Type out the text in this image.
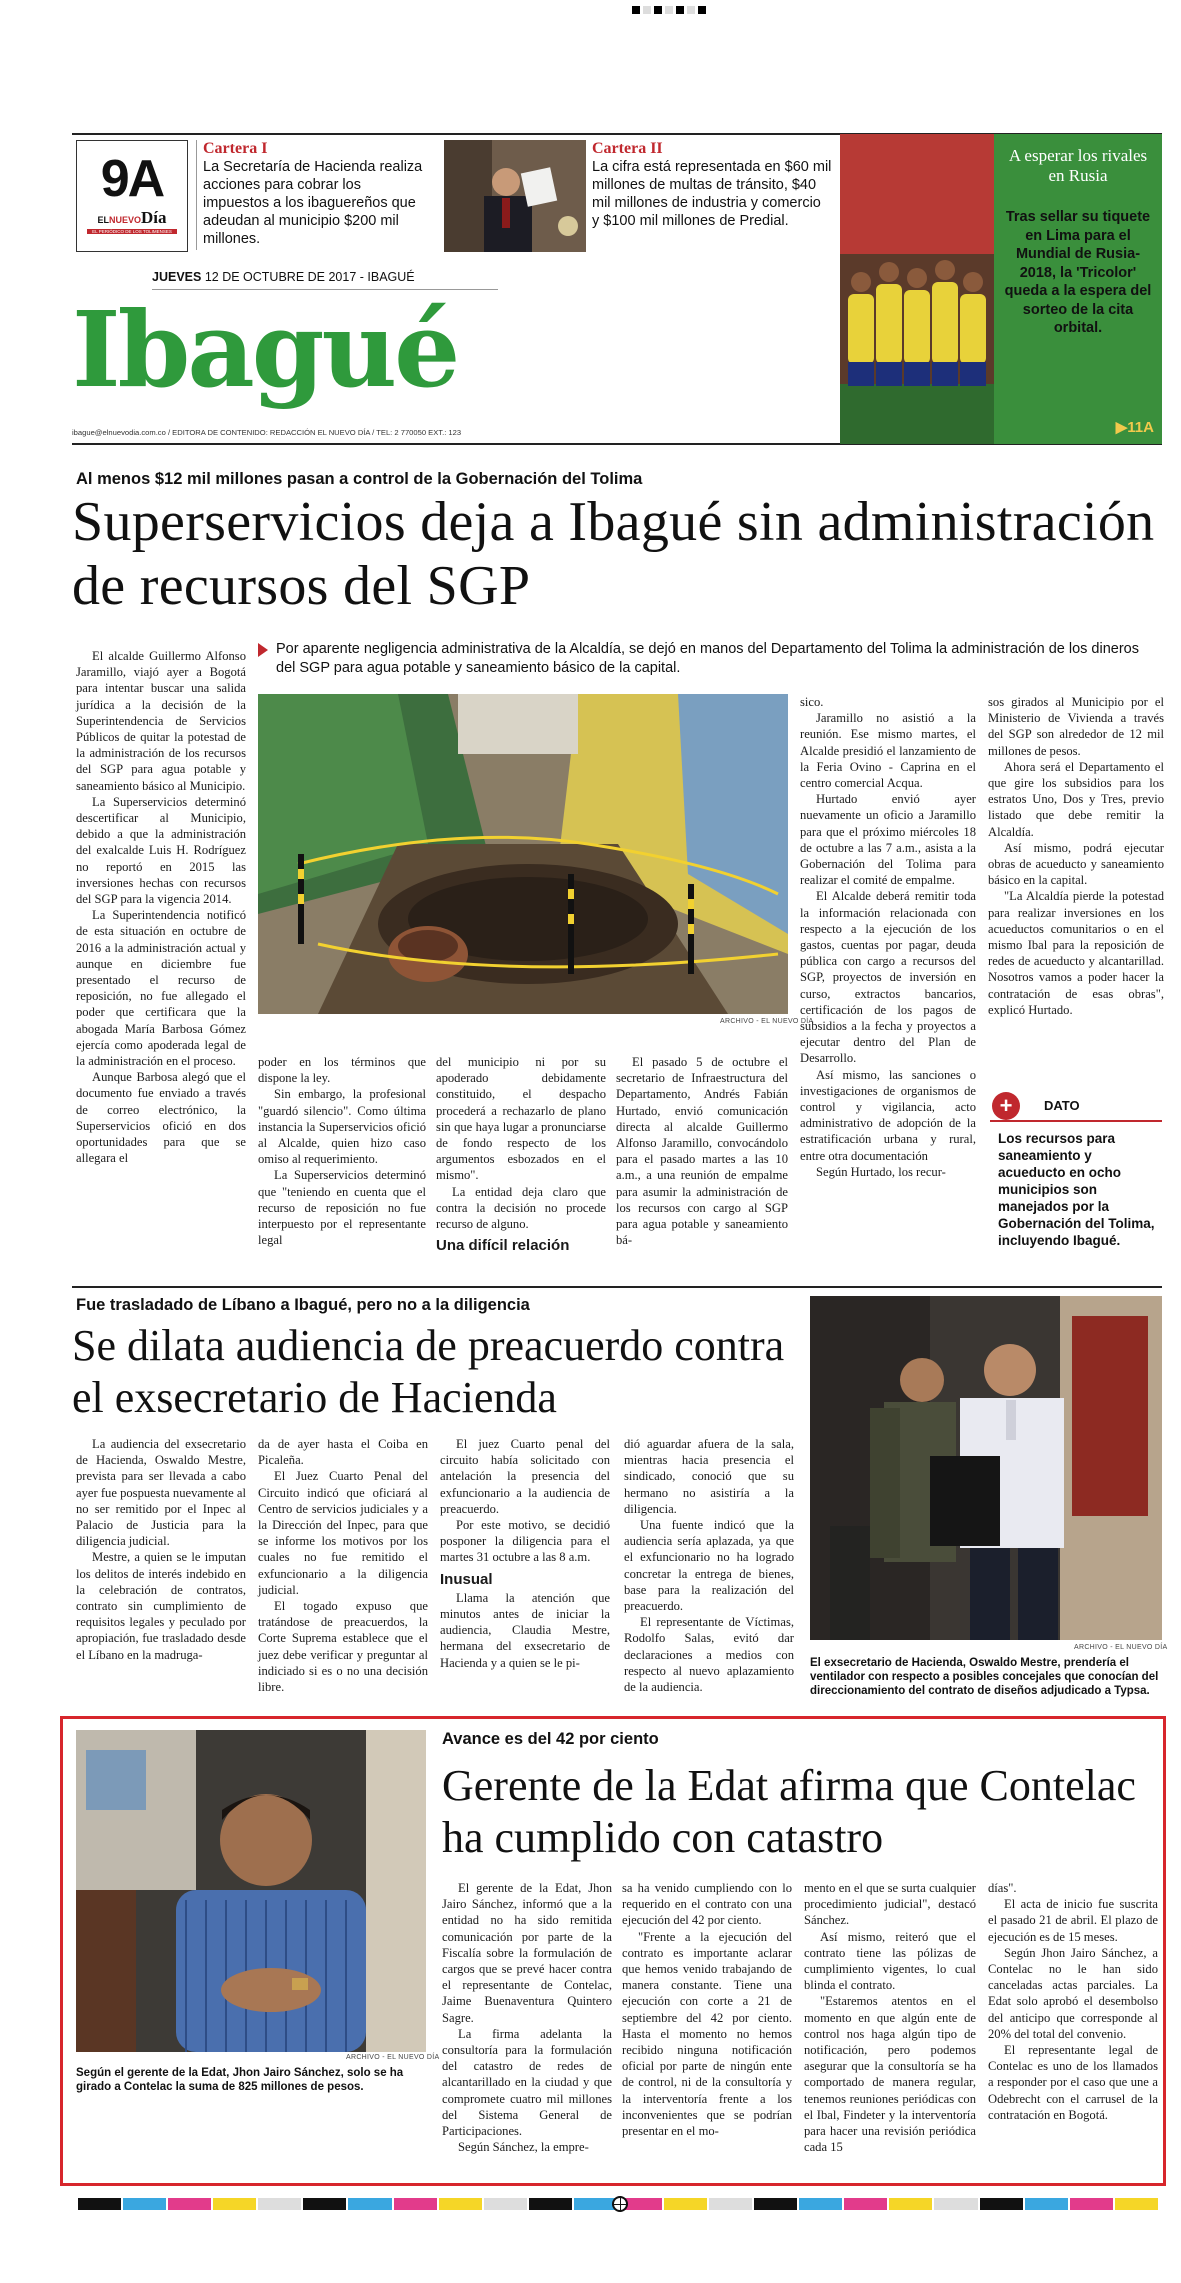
9A
ELNUEVODía
EL PERIÓDICO DE LOS TOLIMENSES
Cartera I
La Secretaría de Hacienda realiza acciones para cobrar los impuestos a los ibaguereños que adeudan al municipio $200 mil millones.
Cartera II
La cifra está representada en $60 mil millones de multas de tránsito, $40 mil millones de industria y comercio y $100 mil millones de Predial.
JUEVES 12 DE OCTUBRE DE 2017 - IBAGUÉ
Ibagué
ibague@elnuevodia.com.co / EDITORA DE CONTENIDO: REDACCIÓN EL NUEVO DÍA / TEL: 2 770050 EXT.: 123
A esperar los rivales en Rusia
Tras sellar su tiquete en Lima para el Mundial de Rusia-2018, la 'Tricolor' queda a la espera del sorteo de la cita orbital.
▶11A
Al menos $12 mil millones pasan a control de la Gobernación del Tolima
Superservicios deja a Ibagué sin administración de recursos del SGP

El alcalde Guillermo Alfonso Jaramillo, viajó ayer a Bogotá para intentar buscar una salida jurídica a la decisión de la Superintendencia de Servicios Públicos de quitar la potestad de la administración de los recursos del SGP para agua potable y saneamiento básico al Municipio.

La Superservicios determinó descertificar al Municipio, debido a que la administración del exalcalde Luis H. Rodríguez no reportó en 2015 las inversiones hechas con recursos del SGP para la vigencia 2014.

La Superintendencia notificó de esta situación en octubre de 2016 a la administración actual y aunque en diciembre fue presentado el recurso de reposición, no fue allegado el poder que certificara que la abogada María Barbosa Gómez ejercía como apoderada legal de la administración en el proceso.

Aunque Barbosa alegó que el documento fue enviado a través de correo electrónico, la Superservicios ofició en dos oportunidades para que se allegara el

Por aparente negligencia administrativa de la Alcaldía, se dejó en manos del Departamento del Tolima la administración de los dineros del SGP para agua potable y saneamiento básico de la capital.
ARCHIVO - EL NUEVO DÍA

poder en los términos que dispone la ley.

Sin embargo, la profesional "guardó silencio". Como última instancia la Superservicios ofició al Alcalde, quien hizo caso omiso al requerimiento.

La Superservicios determinó que "teniendo en cuenta que el recurso de reposición no fue interpuesto por el representante legal

del municipio ni por su apoderado debidamente constituido, el despacho procederá a rechazarlo de plano sin que haya lugar a pronunciarse de fondo respecto de los argumentos esbozados en el mismo".

La entidad deja claro que contra la decisión no procede recurso de alguno.

Una difícil relación

El pasado 5 de octubre el secretario de Infraestructura del Departamento, Andrés Fabián Hurtado, envió comunicación directa al alcalde Guillermo Alfonso Jaramillo, convocándolo para el pasado martes a las 10 a.m., a una reunión de empalme para asumir la administración de los recursos con cargo al SGP para agua potable y saneamiento bá-

sico.

Jaramillo no asistió a la reunión. Ese mismo martes, el Alcalde presidió el lanzamiento de la Feria Ovino - Caprina en el centro comercial Acqua.

Hurtado envió ayer nuevamente un oficio a Jaramillo para que el próximo miércoles 18 de octubre a las 7 a.m., asista a la Gobernación del Tolima para realizar el comité de empalme.

El Alcalde deberá remitir toda la información relacionada con respecto a la ejecución de los gastos, cuentas por pagar, deuda pública con cargo a recursos del SGP, proyectos de inversión en curso, extractos bancarios, certificación de los pagos de subsidios a la fecha y proyectos a ejecutar dentro del Plan de Desarrollo.

Así mismo, las sanciones o investigaciones de organismos de control y vigilancia, acto administrativo de adopción de la estratificación urbana y rural, entre otra documentación

Según Hurtado, los recur-

sos girados al Municipio por el Ministerio de Vivienda a través del SGP son alrededor de 12 mil millones de pesos.

Ahora será el Departamento el que gire los subsidios para los estratos Uno, Dos y Tres, previo listado que debe remitir la Alcaldía.

Así mismo, podrá ejecutar obras de acueducto y saneamiento básico en la capital.

"La Alcaldía pierde la potestad para realizar inversiones en los acueductos comunitarios o en el mismo Ibal para la reposición de redes de acueducto y alcantarillad. Nosotros vamos a poder hacer la contratación de esas obras", explicó Hurtado.

+	DATO
Los recursos para saneamiento y acueducto en ocho municipios son manejados por la Gobernación del Tolima, incluyendo Ibagué.
Fue trasladado de Líbano a Ibagué, pero no a la diligencia
Se dilata audiencia de preacuerdo contra el exsecretario de Hacienda

La audiencia del exsecretario de Hacienda, Oswaldo Mestre, prevista para ser llevada a cabo ayer fue pospuesta nuevamente al no ser remitido por el Inpec al Palacio de Justicia para la diligencia judicial.

Mestre, a quien se le imputan los delitos de interés indebido en la celebración de contratos, contrato sin cumplimiento de requisitos legales y peculado por apropiación, fue trasladado desde el Líbano en la madruga-

da de ayer hasta el Coiba en Picaleña.

El Juez Cuarto Penal del Circuito indicó que oficiará al Centro de servicios judiciales y a la Dirección del Inpec, para que se informe los motivos por los cuales no fue remitido el exfuncionario a la diligencia judicial.

El togado expuso que tratándose de preacuerdos, la Corte Suprema establece que el juez debe verificar y preguntar al indiciado si es o no una decisión libre.

El juez Cuarto penal del circuito había solicitado con antelación la presencia del exfuncionario a la audiencia de preacuerdo.

Por este motivo, se decidió posponer la diligencia para el martes 31 octubre a las 8 a.m.

Inusual

Llama la atención que minutos antes de iniciar la audiencia, Claudia Mestre, hermana del exsecretario de Hacienda y a quien se le pi-

dió aguardar afuera de la sala, mientras hacia presencia el sindicado, conoció que su hermano no asistiría a la diligencia.

Una fuente indicó que la audiencia sería aplazada, ya que el exfuncionario no ha logrado concretar la entrega de bienes, base para la realización del preacuerdo.

El representante de Víctimas, Rodolfo Salas, evitó dar declaraciones a medios con respecto al nuevo aplazamiento de la audiencia.

ARCHIVO - EL NUEVO DÍA
El exsecretario de Hacienda, Oswaldo Mestre, prendería el ventilador con respecto a posibles concejales que conocían del direccionamiento del contrato de diseños adjudicado a Typsa.
ARCHIVO - EL NUEVO DÍA
Según el gerente de la Edat, Jhon Jairo Sánchez, solo se ha girado a Contelac la suma de 825 millones de pesos.
Avance es del 42 por ciento
Gerente de la Edat afirma que Contelac ha cumplido con catastro

El gerente de la Edat, Jhon Jairo Sánchez, informó que a la entidad no ha sido remitida comunicación por parte de la Fiscalía sobre la formulación de cargos que se prevé hacer contra el representante de Contelac, Jaime Buenaventura Quintero Sagre.

La firma adelanta la consultoría para la formulación del catastro de redes de alcantarillado en la ciudad y que compromete cuatro mil millones del Sistema General de Participaciones.

Según Sánchez, la empre-

sa ha venido cumpliendo con lo requerido en el contrato con una ejecución del 42 por ciento.

"Frente a la ejecución del contrato es importante aclarar que hemos venido trabajando de manera constante. Tiene una ejecución con corte a 21 de septiembre del 42 por ciento. Hasta el momento no hemos recibido ninguna notificación oficial por parte de ningún ente de control, ni de la consultoría y la interventoría frente a los inconvenientes que se podrían presentar en el mo-

mento en el que se surta cualquier procedimiento judicial", destacó Sánchez.

Así mismo, reiteró que el contrato tiene las pólizas de cumplimiento vigentes, lo cual blinda el contrato.

"Estaremos atentos en el momento en que algún ente de control nos haga algún tipo de notificación, pero podemos asegurar que la consultoría se ha comportado de manera regular, tenemos reuniones periódicas con el Ibal, Findeter y la interventoría para hacer una revisión periódica cada 15

días".

El acta de inicio fue suscrita el pasado 21 de abril. El plazo de ejecución es de 15 meses.

Según Jhon Jairo Sánchez, a Contelac no le han sido canceladas actas parciales. La Edat solo aprobó el desembolso del anticipo que corresponde al 20% del total del convenio.

El representante legal de Contelac es uno de los llamados a responder por el caso que une a Odebrecht con el carrusel de la contratación en Bogotá.
